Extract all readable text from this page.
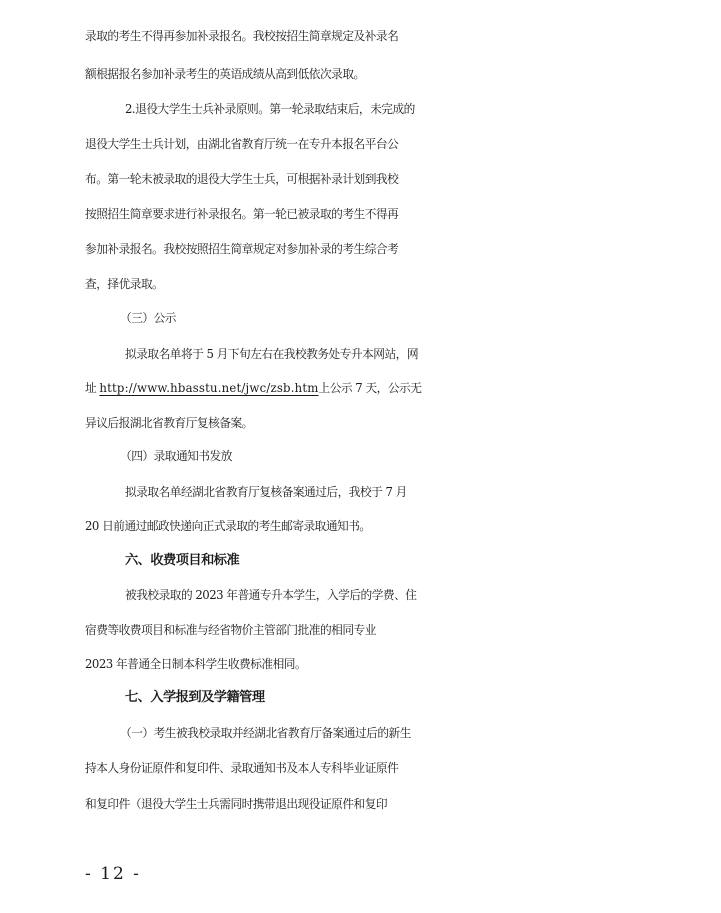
录取的考生不得再参加补录报名。我校按招生简章规定及补录名
额根据报名参加补录考生的英语成绩从高到低依次录取。
2.退役大学生士兵补录原则。第一轮录取结束后，未完成的
退役大学生士兵计划，由湖北省教育厅统一在专升本报名平台公
布。第一轮未被录取的退役大学生士兵，可根据补录计划到我校
按照招生简章要求进行补录报名。第一轮已被录取的考生不得再
参加补录报名。我校按照招生简章规定对参加补录的考生综合考
查，择优录取。
（三）公示
拟录取名单将于 5 月下旬左右在我校教务处专升本网站，网
址 http://www.hbasstu.net/jwc/zsb.htm上公示 7 天，公示无
异议后报湖北省教育厅复核备案。
（四）录取通知书发放
拟录取名单经湖北省教育厅复核备案通过后，我校于 7 月
20 日前通过邮政快递向正式录取的考生邮寄录取通知书。
六、收费项目和标准
被我校录取的 2023 年普通专升本学生，入学后的学费、住
宿费等收费项目和标准与经省物价主管部门批准的相同专业
2023 年普通全日制本科学生收费标准相同。
七、入学报到及学籍管理
（一）考生被我校录取并经湖北省教育厅备案通过后的新生
持本人身份证原件和复印件、录取通知书及本人专科毕业证原件
和复印件（退役大学生士兵需同时携带退出现役证原件和复印
- 12 -
